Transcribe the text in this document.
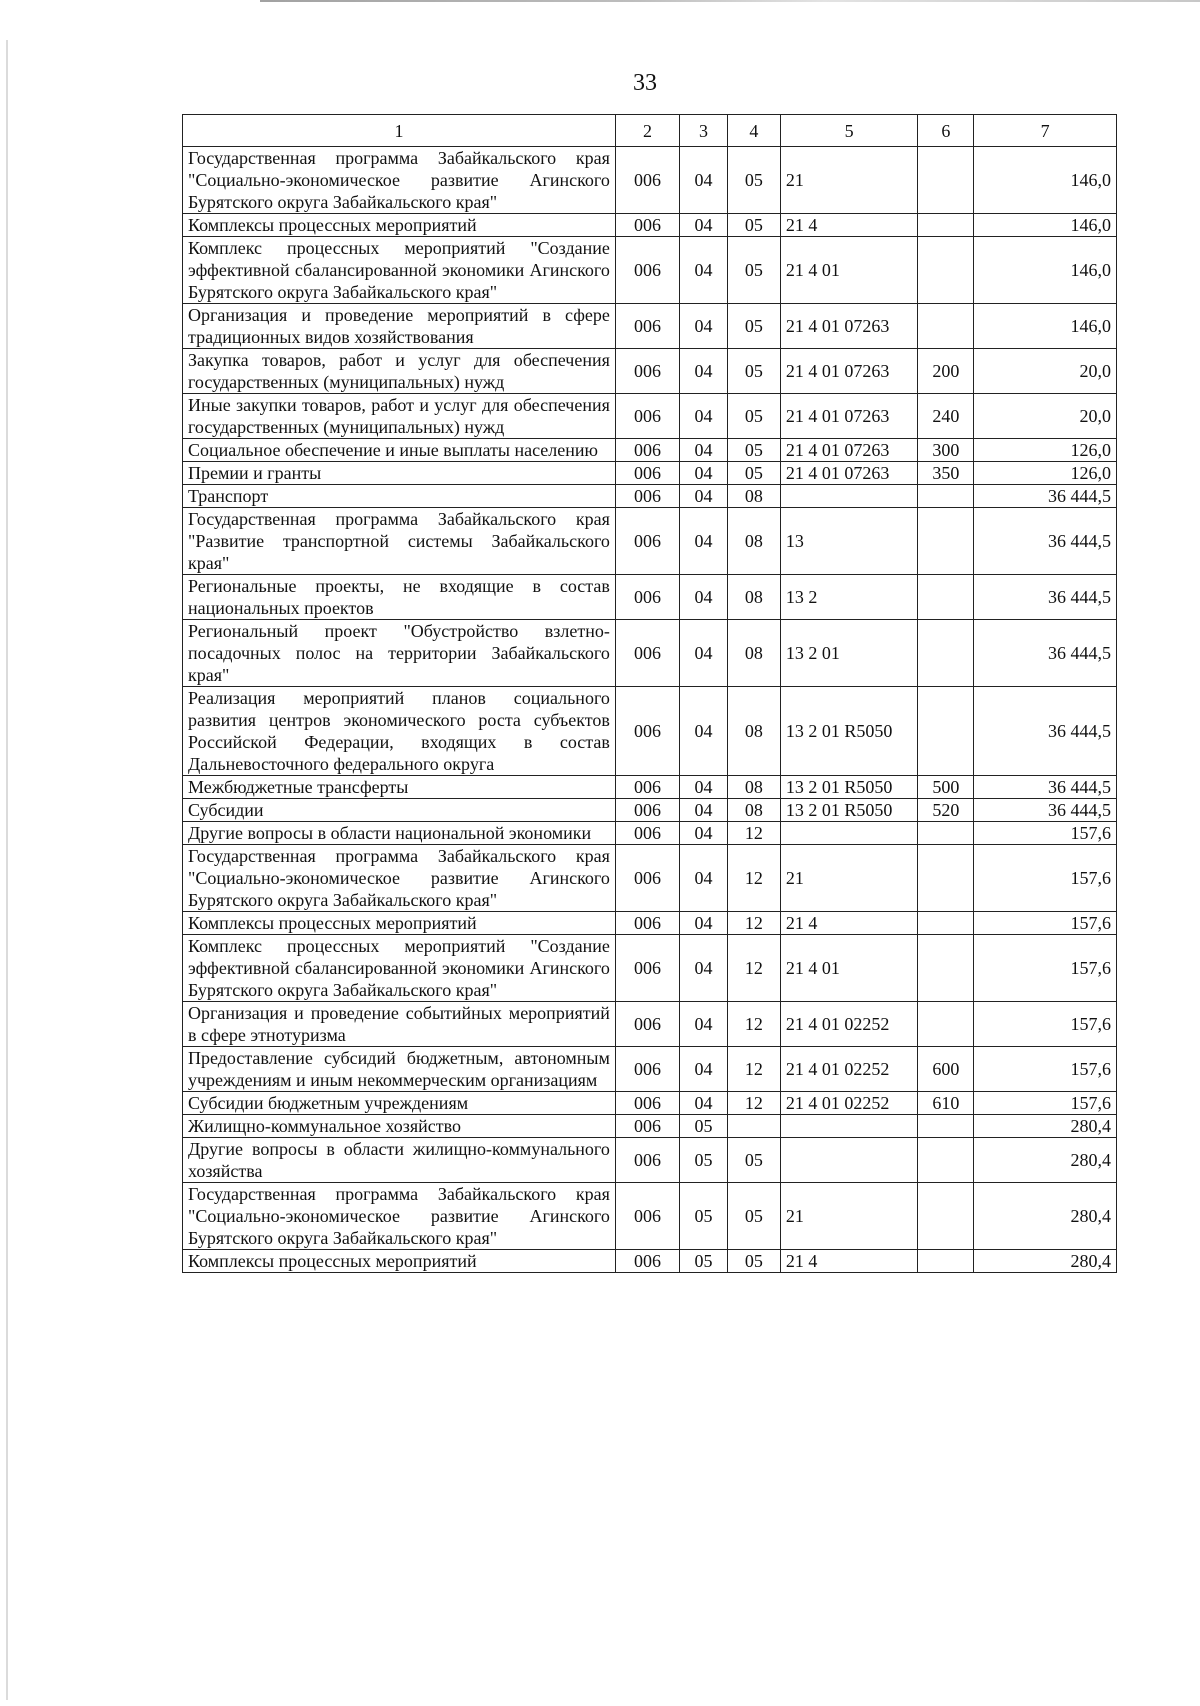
33
1	2	3	4	5	6	7
Государственная программа Забайкальского края "Социально-экономическое развитие Агинского Бурятского округа Забайкальского края"	006	04	05	21		146,0
Комплексы процессных мероприятий	006	04	05	21 4		146,0
Комплекс процессных мероприятий "Создание эффективной сбалансированной экономики Агинского Бурятского округа Забайкальского края"	006	04	05	21 4 01		146,0
Организация и проведение мероприятий в сфере традиционных видов хозяйствования	006	04	05	21 4 01 07263		146,0
Закупка товаров, работ и услуг для обеспечения государственных (муниципальных) нужд	006	04	05	21 4 01 07263	200	20,0
Иные закупки товаров, работ и услуг для обеспечения государственных (муниципальных) нужд	006	04	05	21 4 01 07263	240	20,0
Социальное обеспечение и иные выплаты населению	006	04	05	21 4 01 07263	300	126,0
Премии и гранты	006	04	05	21 4 01 07263	350	126,0
Транспорт	006	04	08			36 444,5
Государственная программа Забайкальского края "Развитие транспортной системы Забайкальского края"	006	04	08	13		36 444,5
Региональные проекты, не входящие в состав национальных проектов	006	04	08	13 2		36 444,5
Региональный проект "Обустройство взлетно-посадочных полос на территории Забайкальского края"	006	04	08	13 2 01		36 444,5
Реализация мероприятий планов социального развития центров экономического роста субъектов Российской Федерации, входящих в состав Дальневосточного федерального округа	006	04	08	13 2 01 R5050		36 444,5
Межбюджетные трансферты	006	04	08	13 2 01 R5050	500	36 444,5
Субсидии	006	04	08	13 2 01 R5050	520	36 444,5
Другие вопросы в области национальной экономики	006	04	12			157,6
Государственная программа Забайкальского края "Социально-экономическое развитие Агинского Бурятского округа Забайкальского края"	006	04	12	21		157,6
Комплексы процессных мероприятий	006	04	12	21 4		157,6
Комплекс процессных мероприятий "Создание эффективной сбалансированной экономики Агинского Бурятского округа Забайкальского края"	006	04	12	21 4 01		157,6
Организация и проведение событийных мероприятий в сфере этнотуризма	006	04	12	21 4 01 02252		157,6
Предоставление субсидий бюджетным, автономным учреждениям и иным некоммерческим организациям	006	04	12	21 4 01 02252	600	157,6
Субсидии бюджетным учреждениям	006	04	12	21 4 01 02252	610	157,6
Жилищно-коммунальное хозяйство	006	05				280,4
Другие вопросы в области жилищно-коммунального хозяйства	006	05	05			280,4
Государственная программа Забайкальского края "Социально-экономическое развитие Агинского Бурятского округа Забайкальского края"	006	05	05	21		280,4
Комплексы процессных мероприятий	006	05	05	21 4		280,4
